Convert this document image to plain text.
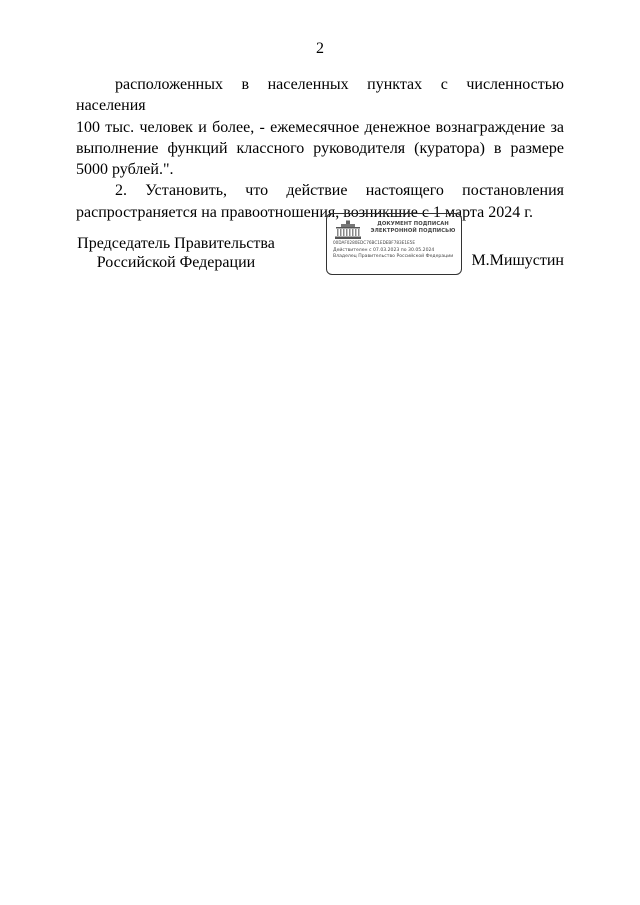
2

расположенных в населенных пунктах с численностью населения

100 тыс. человек и более, - ежемесячное денежное вознаграждение за выполнение функций классного руководителя (куратора) в размере 5000 рублей.".

2. Установить, что действие настоящего постановления

распространяется на правоотношения, возникшие с 1 марта 2024 г.

Председатель Правительства
Российской Федерации
ДОКУМЕНТ ПОДПИСАН
ЭЛЕКТРОННОЙ ПОДПИСЬЮ
00DAF0280EDC76BC1EDEBF783E1E5E
Действителен с 07.03.2023 по 30.05.2024
Владелец Правительство Российской Федерации	М.Мишустин
